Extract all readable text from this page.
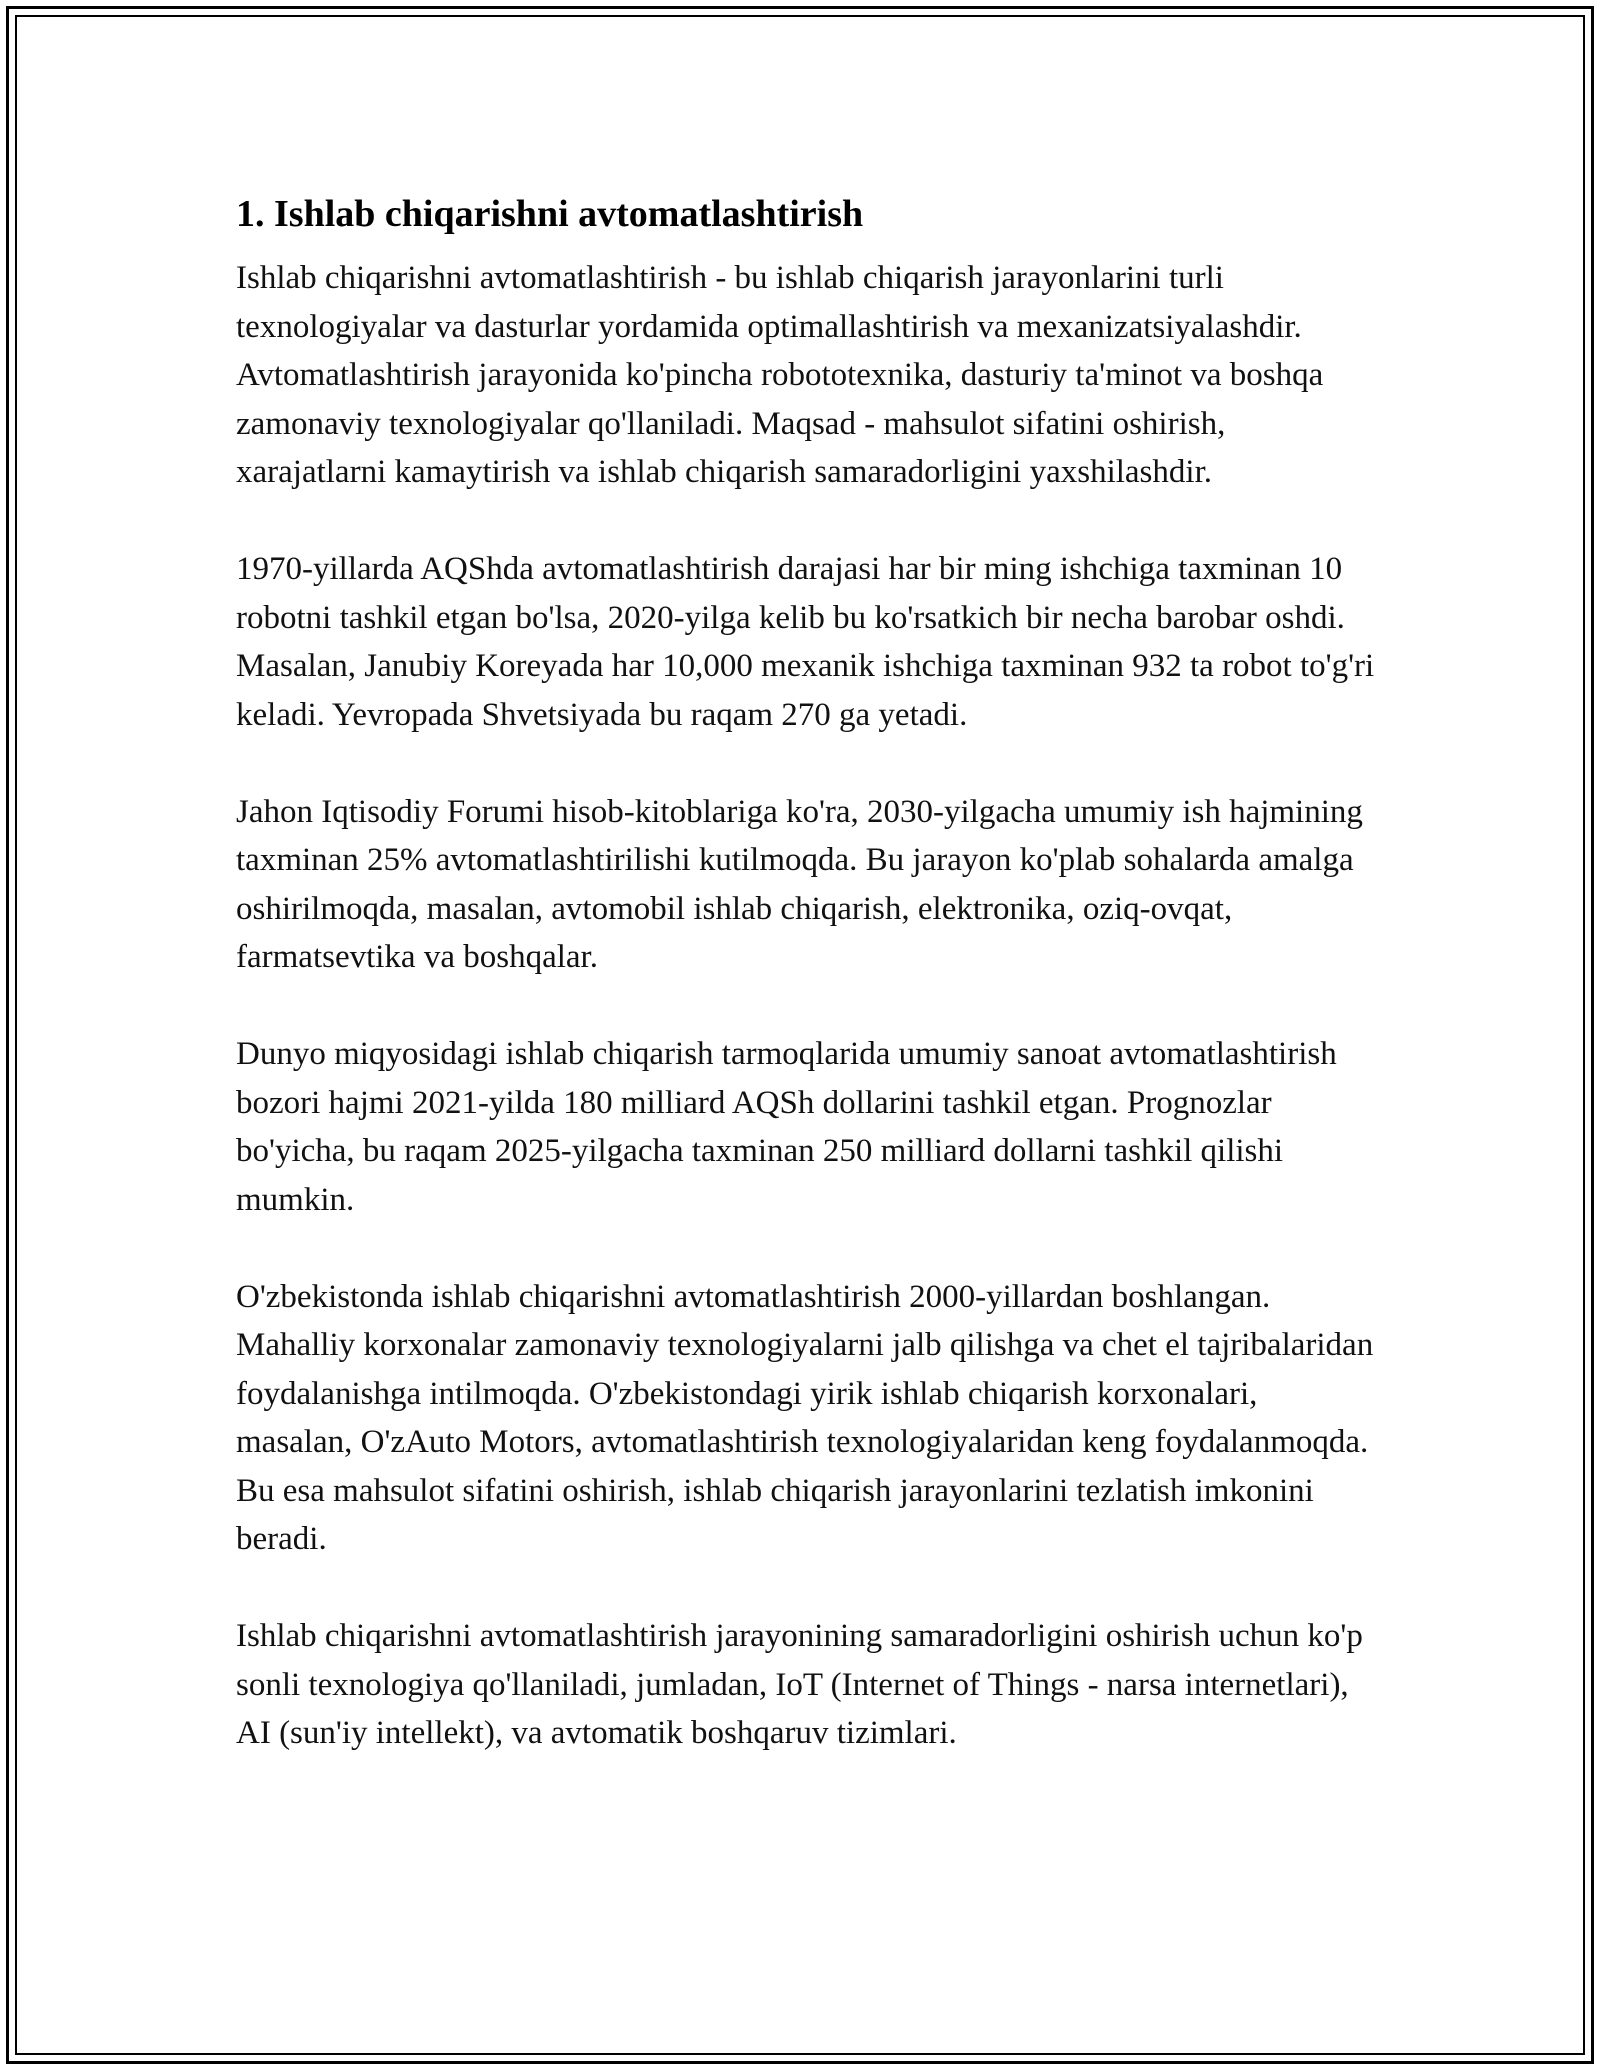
1. Ishlab chiqarishni avtomatlashtirish

Ishlab chiqarishni avtomatlashtirish - bu ishlab chiqarish jarayonlarini turli texnologiyalar va dasturlar yordamida optimallashtirish va mexanizatsiyalashdir. Avtomatlashtirish jarayonida ko'pincha robototexnika, dasturiy ta'minot va boshqa zamonaviy texnologiyalar qo'llaniladi. Maqsad - mahsulot sifatini oshirish, xarajatlarni kamaytirish va ishlab chiqarish samaradorligini yaxshilashdir.

1970-yillarda AQShda avtomatlashtirish darajasi har bir ming ishchiga taxminan 10 robotni tashkil etgan bo'lsa, 2020-yilga kelib bu ko'rsatkich bir necha barobar oshdi. Masalan, Janubiy Koreyada har 10,000 mexanik ishchiga taxminan 932 ta robot to'g'ri keladi. Yevropada Shvetsiyada bu raqam 270 ga yetadi.

Jahon Iqtisodiy Forumi hisob-kitoblariga ko'ra, 2030-yilgacha umumiy ish hajmining taxminan 25% avtomatlashtirilishi kutilmoqda. Bu jarayon ko'plab sohalarda amalga oshirilmoqda, masalan, avtomobil ishlab chiqarish, elektronika, oziq-ovqat, farmatsevtika va boshqalar.

Dunyo miqyosidagi ishlab chiqarish tarmoqlarida umumiy sanoat avtomatlashtirish bozori hajmi 2021-yilda 180 milliard AQSh dollarini tashkil etgan. Prognozlar bo'yicha, bu raqam 2025-yilgacha taxminan 250 milliard dollarni tashkil qilishi mumkin.

O'zbekistonda ishlab chiqarishni avtomatlashtirish 2000-yillardan boshlangan. Mahalliy korxonalar zamonaviy texnologiyalarni jalb qilishga va chet el tajribalaridan foydalanishga intilmoqda. O'zbekistondagi yirik ishlab chiqarish korxonalari, masalan, O'zAuto Motors, avtomatlashtirish texnologiyalaridan keng foydalanmoqda. Bu esa mahsulot sifatini oshirish, ishlab chiqarish jarayonlarini tezlatish imkonini beradi.

Ishlab chiqarishni avtomatlashtirish jarayonining samaradorligini oshirish uchun ko'p sonli texnologiya qo'llaniladi, jumladan, IoT (Internet of Things - narsa internetlari), AI (sun'iy intellekt), va avtomatik boshqaruv tizimlari.
